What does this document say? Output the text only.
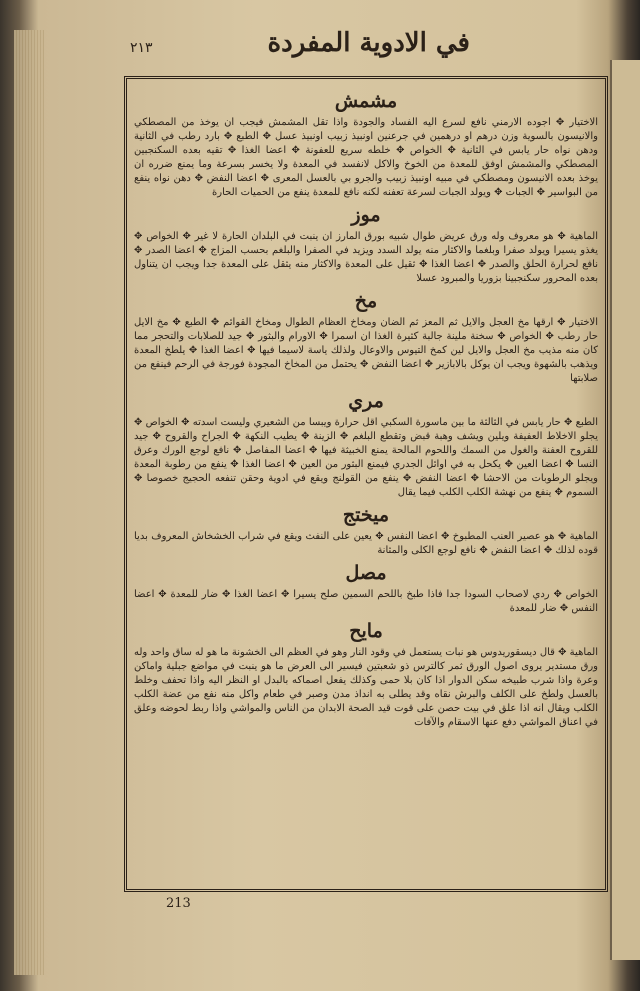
في الادوية المفردة
٢١٣
مشمش
الاختيار ✥ اجوده الارمني نافع لسرع اليه الفساد والجودة واذا تقل المشمش فيجب ان يوخذ من المصطكي والانيسون بالسوية وزن درهم او درهمين في جرعنين اونبيذ زبيب اونبيذ عسل ✥ الطبع ✥ بارد رطب في الثانية ودهن نواه حار يابس في الثانية ✥ الخواص ✥ خلطه سريع للعفونة ✥ اعضا الغذا ✥ تقيه بعده السكنجبين المصطكي والمشمش اوفق للمعدة من الخوخ والاكل لانفسد في المعدة ولا يخسر بسرعة وما يمنع ضرره ان يوخذ بعده الانيسون ومصطكي في مبيه اونبيذ زبيب والجرو بي بالعسل المعرى ✥ اعضا النفض ✥ دهن نواه ينفع من البواسير ✥ الجبات ✥ ويولد الجبات لسرعة تعفنه لكنه نافع للمعدة ينفع من الحميات الحارة
موز
الماهية ✥ هو معروف وله ورق عريض طوال شبيه بورق المارز ان ينبت في البلدان الحارة لا غير ✥ الخواص ✥ يغذو يسيرا ويولد صفرا وبلغما والاكثار منه يولد السدد ويزيد في الصفرا والبلغم بحسب المزاج ✥ اعضا الصدر ✥ نافع لحرارة الحلق والصدر ✥ اعضا الغذا ✥ ثقيل على المعدة والاكثار منه يثقل على المعدة جدا ويجب ان يتناول بعده المحرور سكنجبينا بزوريا والمبرود عسلا
مخ
الاختيار ✥ ارقها مخ العجل والايل ثم المعز ثم الضان ومخاخ العظام الطوال ومخاخ القوائم ✥ الطبع ✥ مخ الايل حار رطب ✥ الخواص ✥ سخنة ملينة جالبة كثيرة الغذا ان اسمرا ✥ الاورام والبثور ✥ جيد للصلابات والتحجر مما كان منه مذيب مخ العجل والايل لين كمخ التيوس والاوعال ولذلك ياسة لاسيما فيها ✥ اعضا الغذا ✥ يلطخ المعدة ويذهب بالشهوة ويجب ان يوكل بالابازير ✥ اعضا النفض ✥ يحتمل من المخاخ المجودة فورجة في الرحم فينفع من صلابتها
مري
الطبع ✥ حار يابس في الثالثة ما بين ماسورة السكبي اقل حرارة ويبسا من الشعيري وليست اسدته ✥ الخواص ✥ يجلو الاخلاط العفيفة ويلين ويشف وهبة قبض وتقطع البلغم ✥ الزينة ✥ يطيب النكهة ✥ الجراح والقروح ✥ جيد للقروح العفنة والغول من السمك واللحوم المالحة يمنع الخبيثة فيها ✥ اعضا المفاصل ✥ نافع لوجع الورك وعرق النسا ✥ اعضا العين ✥ يكحل به في اوائل الجدري فيمنع البثور من العين ✥ اعضا الغذا ✥ ينفع من رطوبة المعدة ويجلو الرطوبات من الاحشا ✥ اعضا النفض ✥ ينفع من القولنج ويقع في ادوية وحقن تنفعه الحجيج خصوصا ✥ السموم ✥ ينفع من نهشة الكلب الكلب فيما يقال
ميختج
الماهية ✥ هو عصير العنب المطبوخ ✥ اعضا النفس ✥ يعين على النفث ويقع في شراب الخشخاش المعروف بديا قوده لذلك ✥ اعضا النفض ✥ نافع لوجع الكلى والمثانة
مصل
الخواص ✥ ردي لاصحاب السودا جدا فاذا طبخ باللحم السمين صلح يسيرا ✥ اعضا الغذا ✥ ضار للمعدة ✥ اعضا النفس ✥ ضار للمعدة
مايح
الماهية ✥ قال ديسقوريدوس هو نبات يستعمل في وقود النار وهو في العظم الى الخشونة ما هو له ساق واحد وله ورق مستدير يروى اصول الورق ثمر كالترس ذو شعبتين فيسير الى العرض ما هو ينبت في مواضع جبلية واماكن وعرة واذا شرب طبيخه سكن الدوار اذا كان بلا حمى وكذلك يفعل اصماكه بالبدل او النظر اليه واذا تحفف وخلط بالعسل ولطخ على الكلف والبرش نقاه وقد يطلى به انداذ مدن وصبر في طعام واكل منه نفع من عضة الكلب الكلب ويقال انه اذا علق في بيت حصن على قوت قيد الصحة الابدان من الناس والمواشي واذا ربط لحوضه وعلق في اعناق المواشي دفع عنها الاسقام والآفات
213
